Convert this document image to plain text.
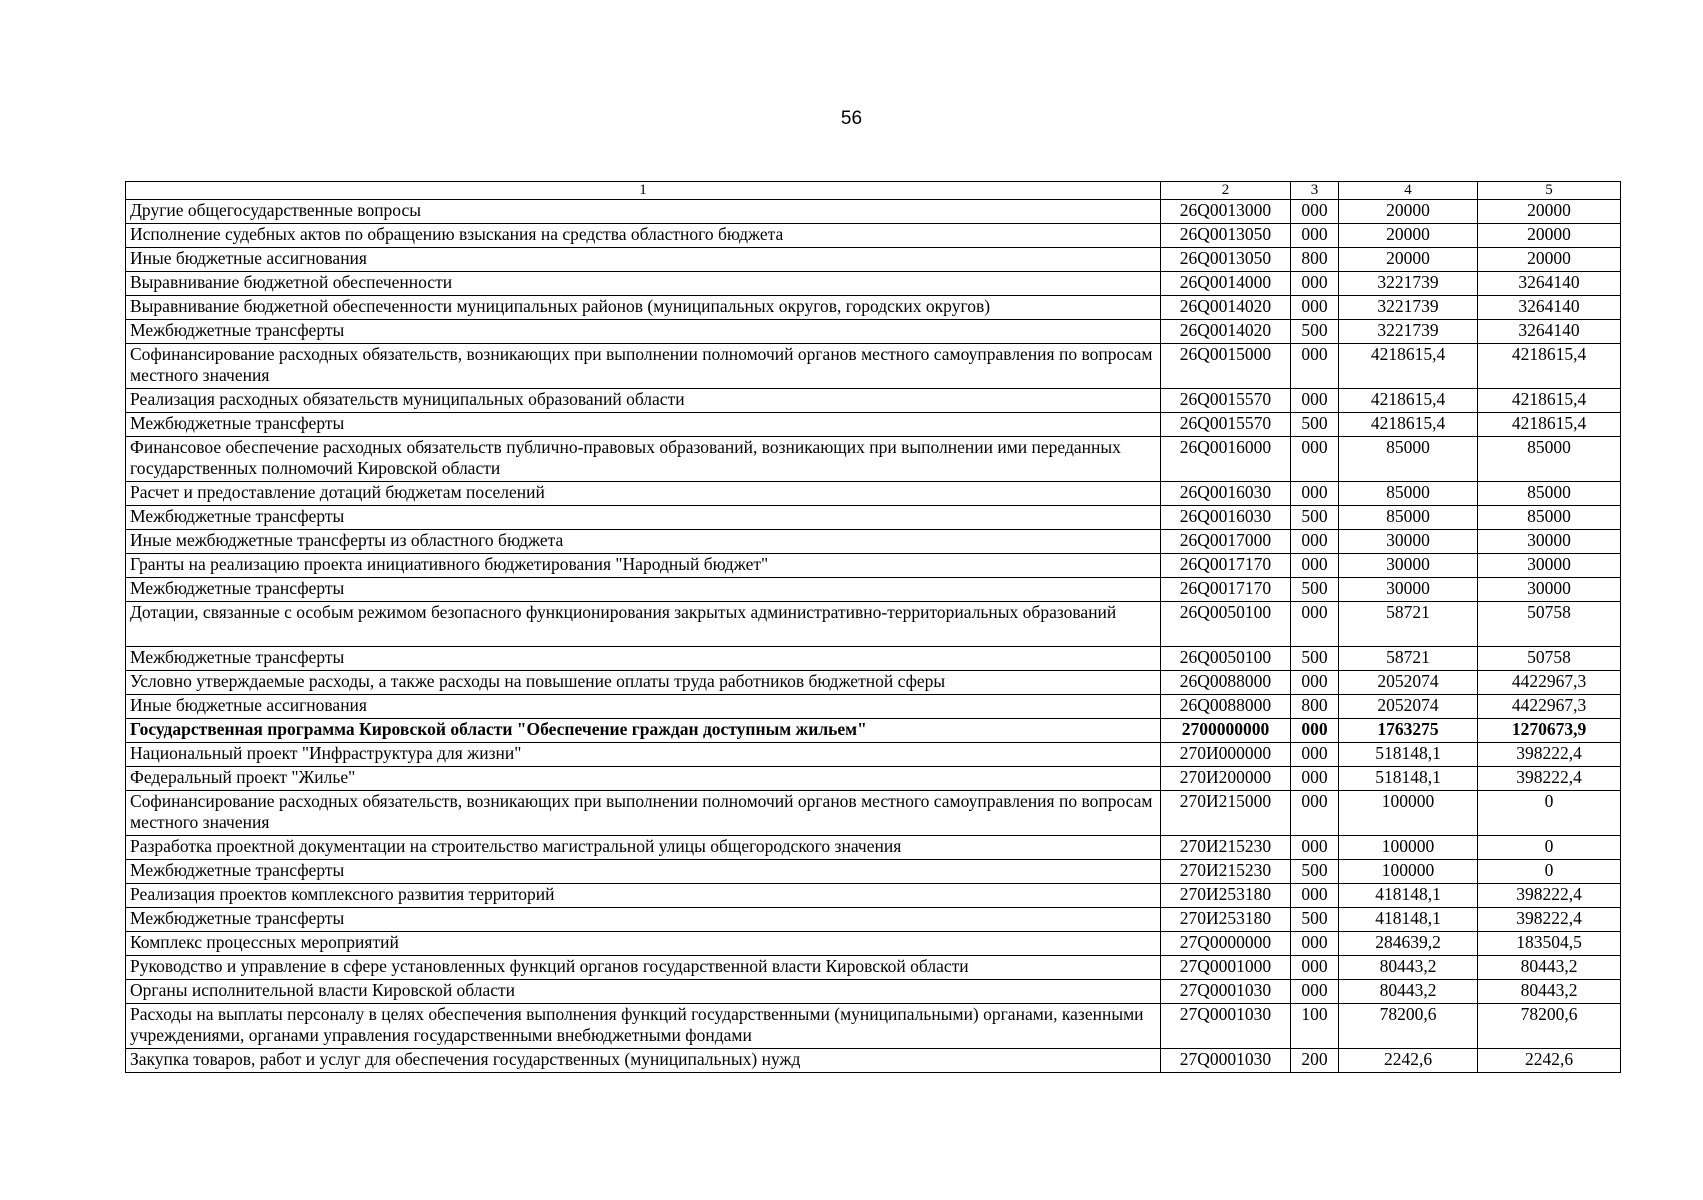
56
1	2	3	4	5
Другие общегосударственные вопросы	26Q0013000	000	20000	20000
Исполнение судебных актов по обращению взыскания на средства областного бюджета	26Q0013050	000	20000	20000
Иные бюджетные ассигнования	26Q0013050	800	20000	20000
Выравнивание бюджетной обеспеченности	26Q0014000	000	3221739	3264140
Выравнивание бюджетной обеспеченности муниципальных районов (муниципальных округов, городских округов)	26Q0014020	000	3221739	3264140
Межбюджетные трансферты	26Q0014020	500	3221739	3264140
Софинансирование расходных обязательств, возникающих при выполнении полномочий органов местного самоуправления по вопросам местного значения	26Q0015000	000	4218615,4	4218615,4
Реализация расходных обязательств муниципальных образований области	26Q0015570	000	4218615,4	4218615,4
Межбюджетные трансферты	26Q0015570	500	4218615,4	4218615,4
Финансовое обеспечение расходных обязательств публично-правовых образований, возникающих при выполнении ими переданных государственных полномочий Кировской области	26Q0016000	000	85000	85000
Расчет и предоставление дотаций бюджетам поселений	26Q0016030	000	85000	85000
Межбюджетные трансферты	26Q0016030	500	85000	85000
Иные межбюджетные трансферты из областного бюджета	26Q0017000	000	30000	30000
Гранты на реализацию проекта инициативного бюджетирования "Народный бюджет"	26Q0017170	000	30000	30000
Межбюджетные трансферты	26Q0017170	500	30000	30000
Дотации, связанные с особым режимом безопасного функционирования закрытых административно-территориальных образований	26Q0050100	000	58721	50758
Межбюджетные трансферты	26Q0050100	500	58721	50758
Условно утверждаемые расходы, а также расходы на повышение оплаты труда работников бюджетной сферы	26Q0088000	000	2052074	4422967,3
Иные бюджетные ассигнования	26Q0088000	800	2052074	4422967,3
Государственная программа Кировской области "Обеспечение граждан доступным жильем"	2700000000	000	1763275	1270673,9
Национальный проект "Инфраструктура для жизни"	270И000000	000	518148,1	398222,4
Федеральный проект "Жилье"	270И200000	000	518148,1	398222,4
Софинансирование расходных обязательств, возникающих при выполнении полномочий органов местного самоуправления по вопросам местного значения	270И215000	000	100000	0
Разработка проектной документации на строительство магистральной улицы общегородского значения	270И215230	000	100000	0
Межбюджетные трансферты	270И215230	500	100000	0
Реализация проектов комплексного развития территорий	270И253180	000	418148,1	398222,4
Межбюджетные трансферты	270И253180	500	418148,1	398222,4
Комплекс процессных мероприятий	27Q0000000	000	284639,2	183504,5
Руководство и управление в сфере установленных функций органов государственной власти Кировской области	27Q0001000	000	80443,2	80443,2
Органы исполнительной власти Кировской области	27Q0001030	000	80443,2	80443,2
Расходы на выплаты персоналу в целях обеспечения выполнения функций государственными (муниципальными) органами, казенными учреждениями, органами управления государственными внебюджетными фондами	27Q0001030	100	78200,6	78200,6
Закупка товаров, работ и услуг для обеспечения государственных (муниципальных) нужд	27Q0001030	200	2242,6	2242,6
